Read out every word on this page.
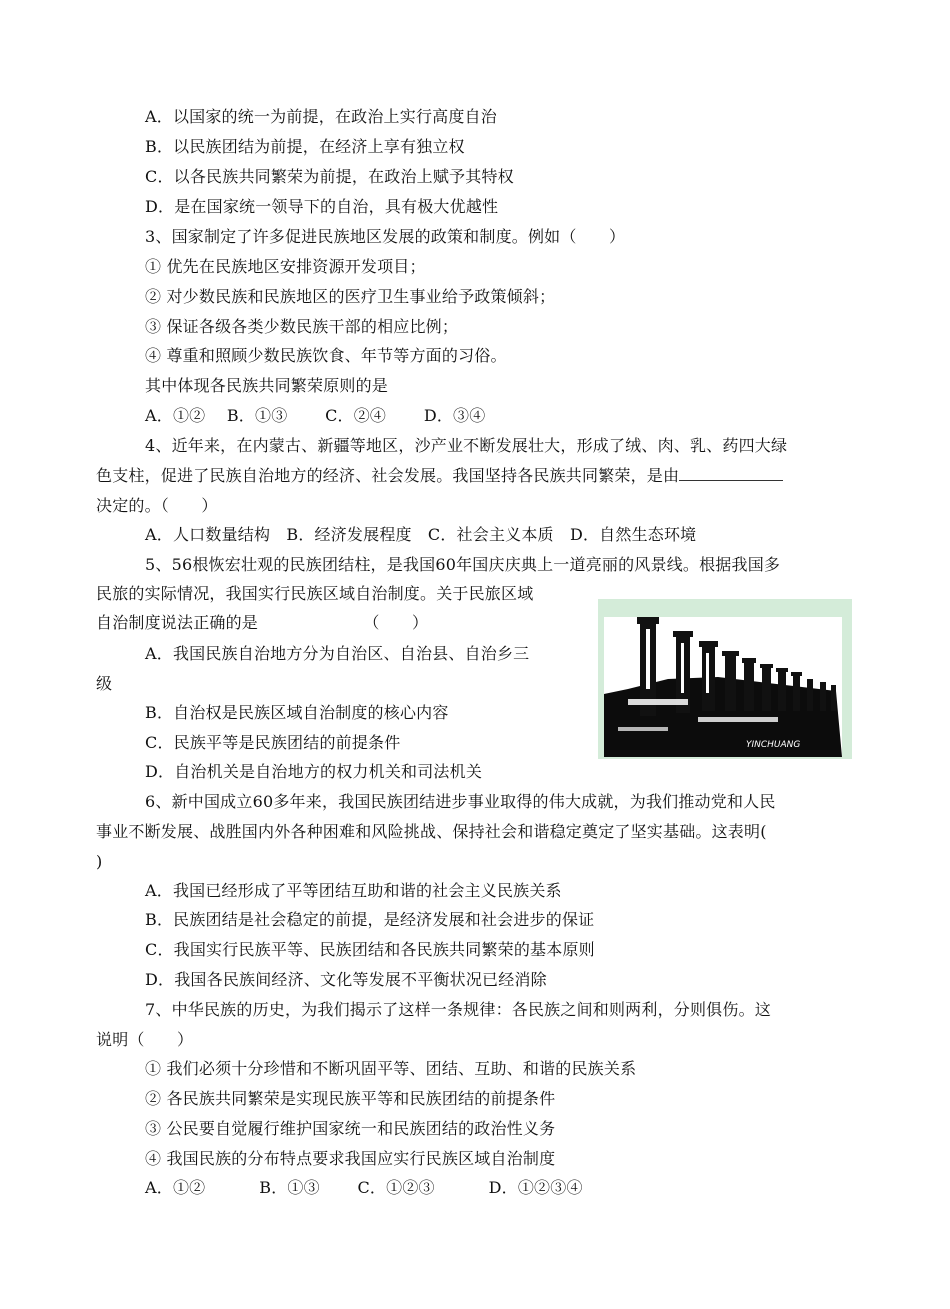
A．以国家的统一为前提，在政治上实行高度自治
B．以民族团结为前提，在经济上享有独立权
C．以各民族共同繁荣为前提，在政治上赋予其特权
D．是在国家统一领导下的自治，具有极大优越性
3、国家制定了许多促进民族地区发展的政策和制度。例如（　　）
① 优先在民族地区安排资源开发项目；
② 对少数民族和民族地区的医疗卫生事业给予政策倾斜；
③ 保证各级各类少数民族干部的相应比例；
④ 尊重和照顾少数民族饮食、年节等方面的习俗。
其中体现各民族共同繁荣原则的是
A．①②　 B．①③　　 C．②④　　 D．③④
4、近年来，在内蒙古、新疆等地区，沙产业不断发展壮大，形成了绒、肉、乳、药四大绿
色支柱，促进了民族自治地方的经济、社会发展。我国坚持各民族共同繁荣，是由
决定的。（　　）
A．人口数量结构　B．经济发展程度　C．社会主义本质　D．自然生态环境
5、56根恢宏壮观的民族团结柱，是我国60年国庆庆典上一道亮丽的风景线。根据我国多
民旅的实际情况，我国实行民族区域自治制度。关于民旅区域
自治制度说法正确的是　　　　　　　（　　）
A．我国民族自治地方分为自治区、自治县、自治乡三
级
B．自治权是民族区域自治制度的核心内容
C．民族平等是民族团结的前提条件
D．自治机关是自治地方的权力机关和司法机关
YINCHUANG
6、新中国成立60多年来，我国民族团结进步事业取得的伟大成就，为我们推动党和人民
事业不断发展、战胜国内外各种困难和风险挑战、保持社会和谐稳定奠定了坚实基础。这表明(
)
A．我国已经形成了平等团结互助和谐的社会主义民族关系
B．民族团结是社会稳定的前提，是经济发展和社会进步的保证
C．我国实行民族平等、民族团结和各民族共同繁荣的基本原则
D．我国各民族间经济、文化等发展不平衡状况已经消除
7、中华民族的历史，为我们揭示了这样一条规律：各民族之间和则两利，分则俱伤。这
说明（　　）
① 我们必须十分珍惜和不断巩固平等、团结、互助、和谐的民族关系
② 各民族共同繁荣是实现民族平等和民族团结的前提条件
③ 公民要自觉履行维护国家统一和民族团结的政治性义务
④ 我国民族的分布特点要求我国应实行民族区域自治制度
A．①②　　　 B．①③　　 C．①②③　　　 D．①②③④
